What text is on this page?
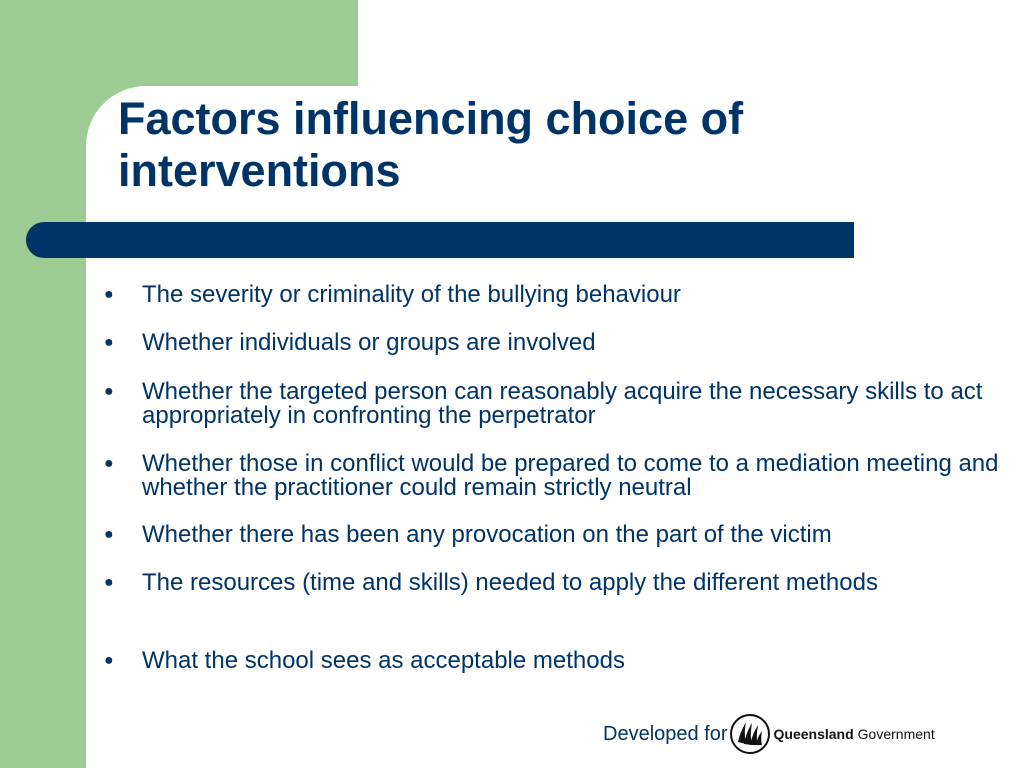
Factors influencing choice of interventions
●	The severity or criminality of the bullying behaviour
●	Whether individuals or groups are involved
●	Whether the targeted person can reasonably acquire the necessary skills to act appropriately in confronting the perpetrator
●	Whether those in conflict would be prepared to come to a mediation meeting and whether the practitioner could remain strictly neutral
●	Whether there has been any provocation on the part of the victim
●	The resources (time and skills) needed to apply the different methods
●	What the school sees as acceptable methods
Developed for	Queensland Government
